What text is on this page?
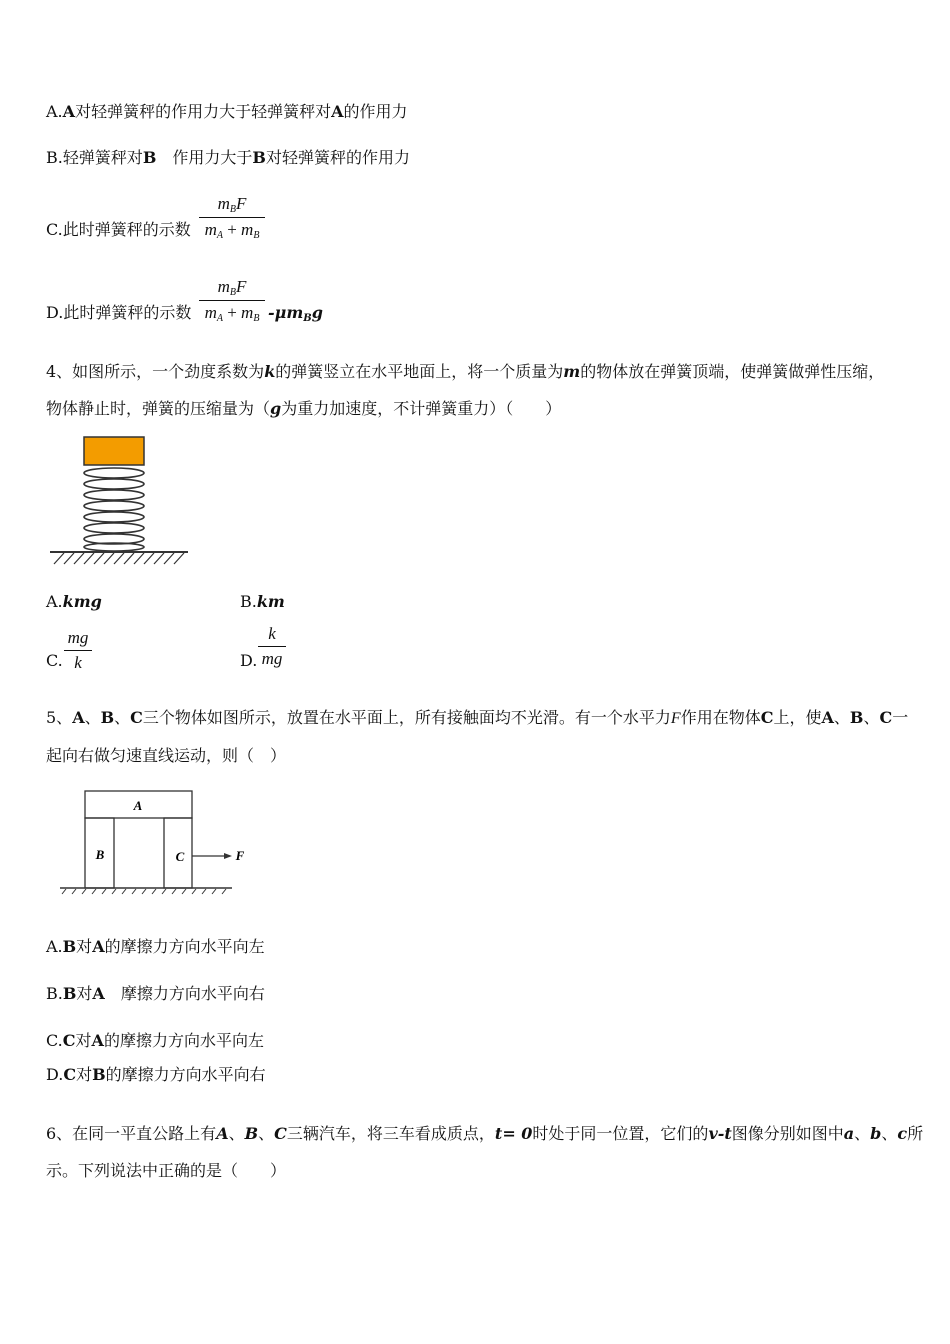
A.A对轻弹簧秤的作用力大于轻弹簧秤对A的作用力
B.轻弹簧秤对B　 作用力大于B对轻弹簧秤的作用力
C.此时弹簧秤的示数
$m_BF$
$m_A + m_B$
D.此时弹簧秤的示数
$m_BF$
$m_A + m_B$ $-\mu m_Bg$
4、如图所示，一个劲度系数为k的弹簧竖立在水平地面上，将一个质量为m的物体放在弹簧顶端，使弹簧做弹性压缩，
物体静止时，弹簧的压缩量为（g为重力加速度，不计弹簧重力）（　　）
A.kmg	B.km
C. $\frac{mg}{k}$	D. $\frac{k}{mg}$
5、A、B、C三个物体如图所示，放置在水平面上，所有接触面均不光滑。有一个水平力F作用在物体C上，使A、B、C一
起向右做匀速直线运动，则（　）
A
B	C	F
A.B对A的摩擦力方向水平向左
B.B对A　 摩擦力方向水平向右
C.C对A的摩擦力方向水平向左
D.C对B的摩擦力方向水平向右
6、在同一平直公路上有A、B、C三辆汽车，将三车看成质点，t= 0时处于同一位置，它们的v-t图像分别如图中a、b、c所
示。下列说法中正确的是（　　）
